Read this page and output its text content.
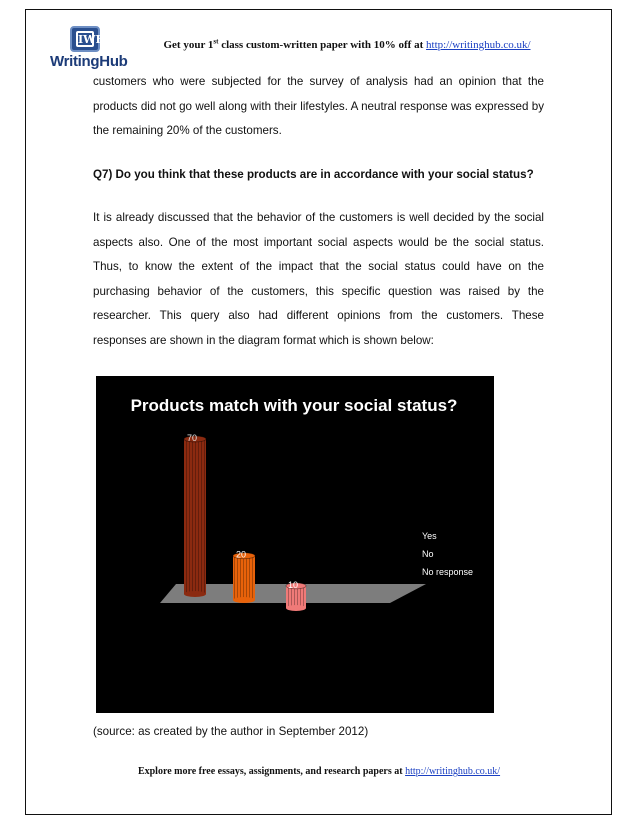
IWH
WritingHub
Get your 1st class custom-written paper with 10% off at http://writinghub.co.uk/
customers who were subjected for the survey of analysis had an opinion that the products did not go well along with their lifestyles. A neutral response was expressed by the remaining 20% of the customers.
Q7) Do you think that these products are in accordance with your social status?
It is already discussed that the behavior of the customers is well decided by the social aspects also. One of the most important social aspects would be the social status. Thus, to know the extent of the impact that the social status could have on the purchasing behavior of the customers, this specific question was raised by the researcher. This query also had different opinions from the customers. These responses are shown in the diagram format which is shown below:
Products match with your social status?
70
20
10
Yes
No
No response
(source: as created by the author in September 2012)
Explore more free essays, assignments, and research papers at http://writinghub.co.uk/
